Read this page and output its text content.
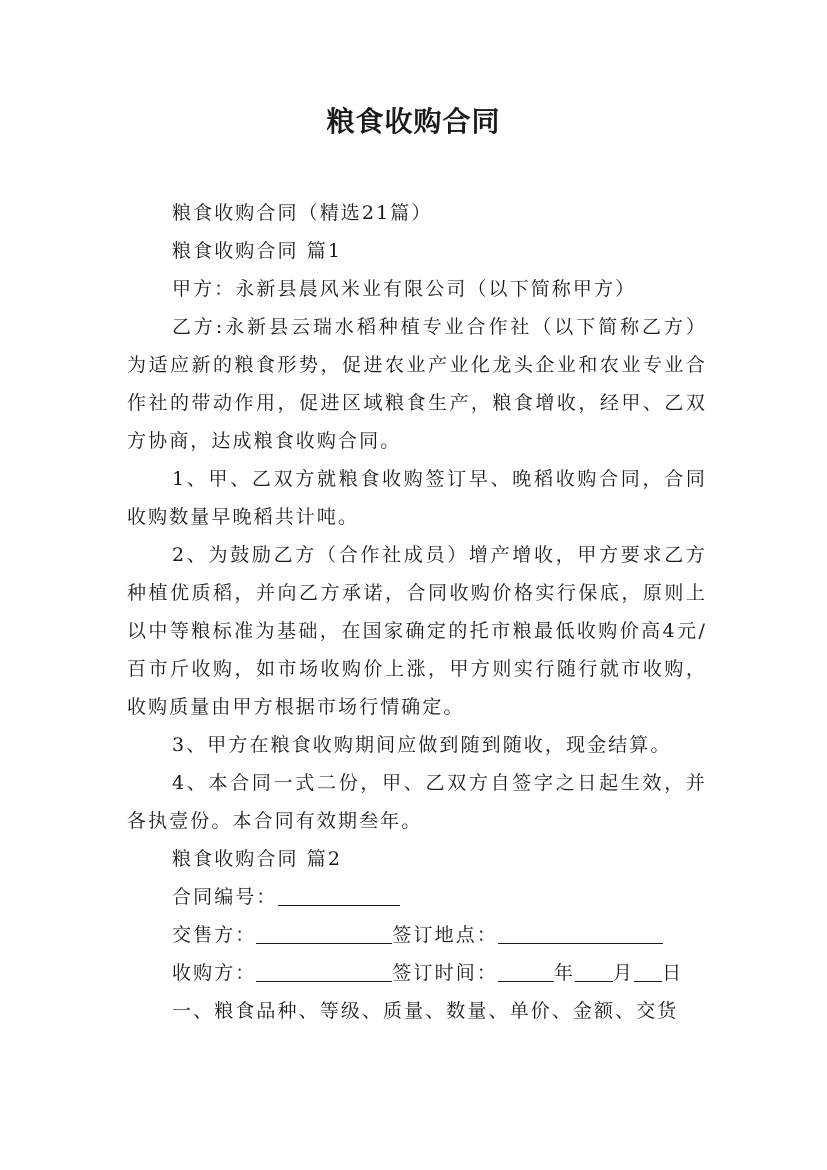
粮食收购合同

粮食收购合同（精选21篇）

粮食收购合同 篇1

甲方：永新县晨风米业有限公司（以下简称甲方）

乙方:永新县云瑞水稻种植专业合作社（以下简称乙方）为适应新的粮食形势，促进农业产业化龙头企业和农业专业合作社的带动作用，促进区域粮食生产，粮食增收，经甲、乙双方协商，达成粮食收购合同。

1、甲、乙双方就粮食收购签订早、晚稻收购合同，合同收购数量早晚稻共计吨。

2、为鼓励乙方（合作社成员）增产增收，甲方要求乙方种植优质稻，并向乙方承诺，合同收购价格实行保底，原则上以中等粮标准为基础，在国家确定的托市粮最低收购价高4元/百市斤收购，如市场收购价上涨，甲方则实行随行就市收购，收购质量由甲方根据市场行情确定。

3、甲方在粮食收购期间应做到随到随收，现金结算。

4、本合同一式二份，甲、乙双方自签字之日起生效，并各执壹份。本合同有效期叁年。

粮食收购合同 篇2

合同编号：

交售方：	签订地点：

收购方：	签订时间：	年 月 日

一、粮食品种、等级、质量、数量、单价、金额、交货
